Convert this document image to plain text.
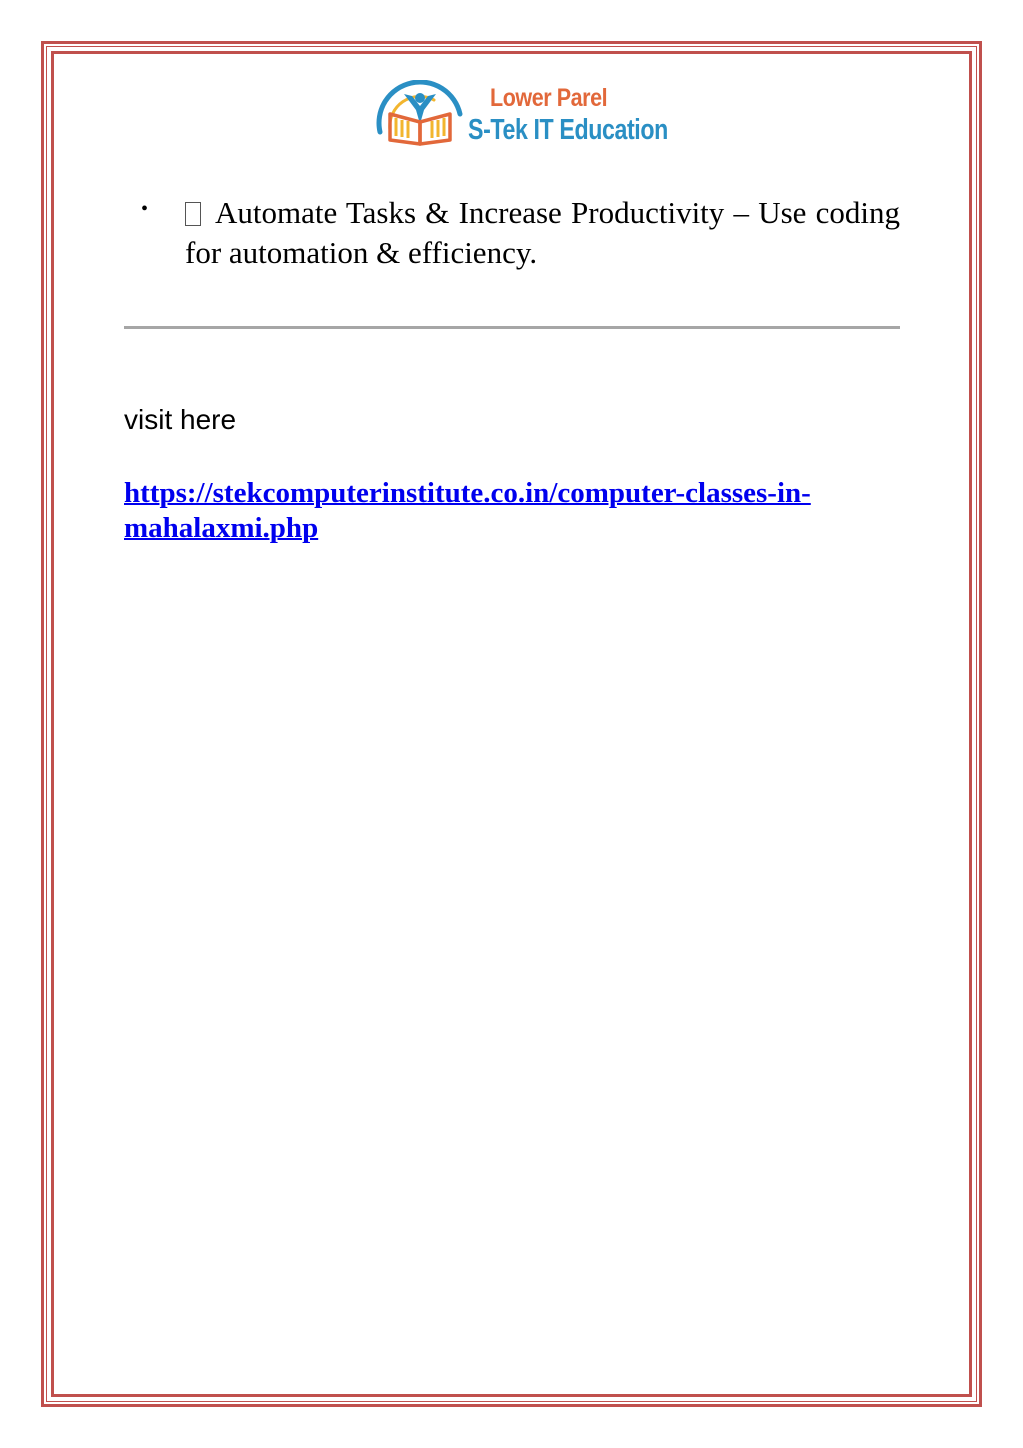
Lower Parel
S-Tek IT Education
•	Automate Tasks & Increase Productivity – Use coding for automation & efficiency.
visit here
https://stekcomputerinstitute.co.in/computer-classes-in-mahalaxmi.php
